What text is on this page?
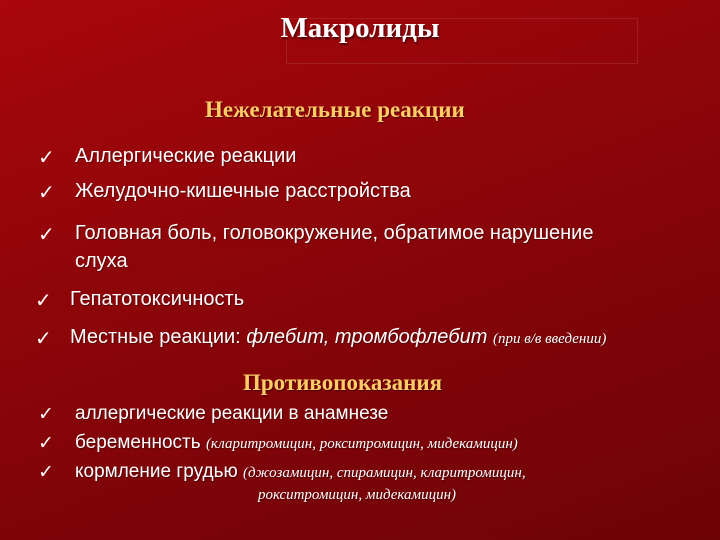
Макролиды
Нежелательные реакции
✓ Аллергические реакции
✓ Желудочно-кишечные расстройства
✓ Головная боль, головокружение, обратимое нарушение
слуха
✓ Гепатотоксичность
✓ Местные реакции: флебит, тромбофлебит (при в/в введении)
Противопоказания
✓ аллергические реакции в анамнезе
✓ беременность (кларитромицин, рокситромицин, мидекамицин)
✓ кормление грудью (джозамицин, спирамицин, кларитромицин,
рокситромицин, мидекамицин)
